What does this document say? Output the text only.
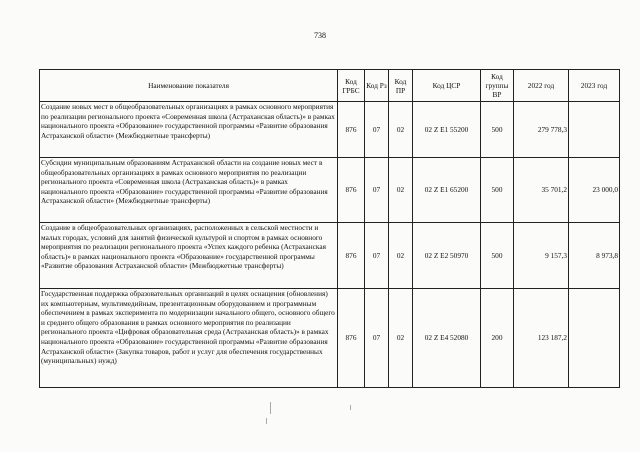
738
Наименование показателя	Код ГРБС	Код Рз	Код ПР	Код ЦСР	Код группы ВР	2022 год	2023 год
Создание новых мест в общеобразовательных организациях в рамках основного мероприятия по реализации регионального проекта «Современная школа (Астраханская область)» в рамках национального проекта «Образование» государственной программы «Развитие образования Астраханской области» (Межбюджетные трансферты)	876	07	02	02 Z E1 55200	500	279 778,3	
Субсидии муниципальным образованиям Астраханской области на создание новых мест в общеобразовательных организациях в рамках основного мероприятия по реализации регионального проекта «Современная школа (Астраханская область)» в рамках национального проекта «Образование» государственной программы «Развитие образования Астраханской области» (Межбюджетные трансферты)	876	07	02	02 Z E1 65200	500	35 701,2	23 000,0
Создание в общеобразовательных организациях, расположенных в сельской местности и малых городах, условий для занятий физической культурой и спортом в рамках основного мероприятия по реализации регионального проекта «Успех каждого ребенка (Астраханская область)» в рамках национального проекта «Образование» государственной программы «Развитие образования Астраханской области» (Межбюджетные трансферты)	876	07	02	02 Z E2 50970	500	9 157,3	8 973,8
Государственная поддержка образовательных организаций в целях оснащения (обновления) их компьютерным, мультимедийным, презентационным оборудованием и программным обеспечением в рамках эксперимента по модернизации начального общего, основного общего и среднего общего образования в рамках основного мероприятия по реализации регионального проекта «Цифровая образовательная среда (Астраханская область)» в рамках национального проекта «Образование» государственной программы «Развитие образования Астраханской области» (Закупка товаров, работ и услуг для обеспечения государственных (муниципальных) нужд)	876	07	02	02 Z E4 52080	200	123 187,2	
